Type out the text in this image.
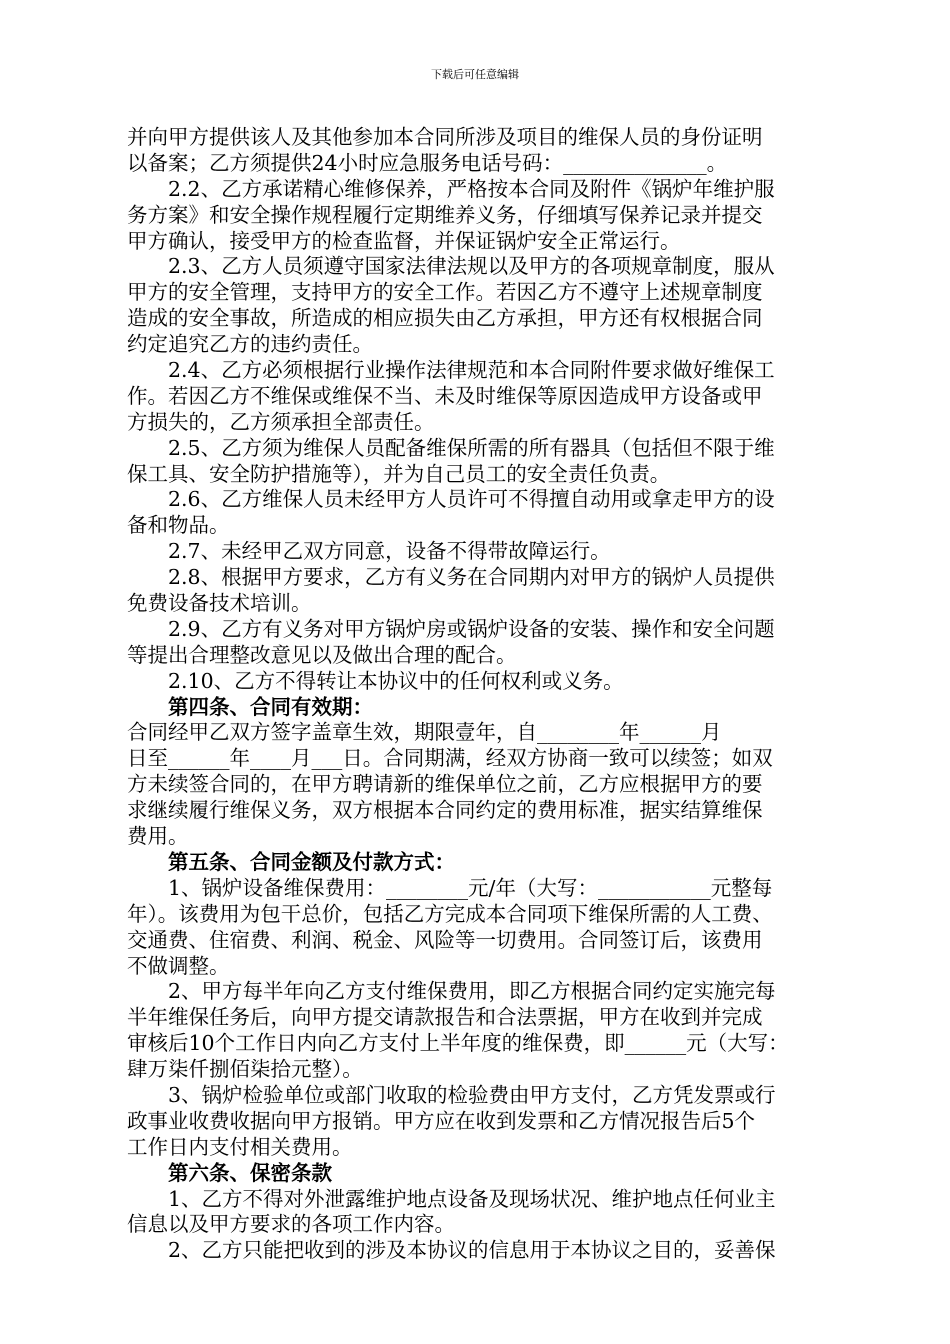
下载后可任意编辑
并向甲方提供该人及其他参加本合同所涉及项目的维保人员的身份证明
以备案；乙方须提供24小时应急服务电话号码：______________。
2.2、乙方承诺精心维修保养，严格按本合同及附件《锅炉年维护服
务方案》和安全操作规程履行定期维养义务，仔细填写保养记录并提交
甲方确认，接受甲方的检查监督，并保证锅炉安全正常运行。
2.3、乙方人员须遵守国家法律法规以及甲方的各项规章制度，服从
甲方的安全管理，支持甲方的安全工作。若因乙方不遵守上述规章制度
造成的安全事故，所造成的相应损失由乙方承担，甲方还有权根据合同
约定追究乙方的违约责任。
2.4、乙方必须根据行业操作法律规范和本合同附件要求做好维保工
作。若因乙方不维保或维保不当、未及时维保等原因造成甲方设备或甲
方损失的，乙方须承担全部责任。
2.5、乙方须为维保人员配备维保所需的所有器具（包括但不限于维
保工具、安全防护措施等），并为自己员工的安全责任负责。
2.6、乙方维保人员未经甲方人员许可不得擅自动用或拿走甲方的设
备和物品。
2.7、未经甲乙双方同意，设备不得带故障运行。
2.8、根据甲方要求，乙方有义务在合同期内对甲方的锅炉人员提供
免费设备技术培训。
2.9、乙方有义务对甲方锅炉房或锅炉设备的安装、操作和安全问题
等提出合理整改意见以及做出合理的配合。
2.10、乙方不得转让本协议中的任何权利或义务。
第四条、合同有效期：
合同经甲乙双方签字盖章生效，期限壹年，自________年______月
日至______年____月___日。合同期满，经双方协商一致可以续签；如双
方未续签合同的，在甲方聘请新的维保单位之前，乙方应根据甲方的要
求继续履行维保义务，双方根据本合同约定的费用标准，据实结算维保
费用。
第五条、合同金额及付款方式：
1、锅炉设备维保费用：________元/年（大写：___________元整每
年）。该费用为包干总价，包括乙方完成本合同项下维保所需的人工费、
交通费、住宿费、利润、税金、风险等一切费用。合同签订后，该费用
不做调整。
2、甲方每半年向乙方支付维保费用，即乙方根据合同约定实施完每
半年维保任务后，向甲方提交请款报告和合法票据，甲方在收到并完成
审核后10个工作日内向乙方支付上半年度的维保费，即______元（大写：
肆万柒仟捌佰柒拾元整）。
3、锅炉检验单位或部门收取的检验费由甲方支付，乙方凭发票或行
政事业收费收据向甲方报销。甲方应在收到发票和乙方情况报告后5个
工作日内支付相关费用。
第六条、保密条款
1、乙方不得对外泄露维护地点设备及现场状况、维护地点任何业主
信息以及甲方要求的各项工作内容。
2、乙方只能把收到的涉及本协议的信息用于本协议之目的，妥善保
